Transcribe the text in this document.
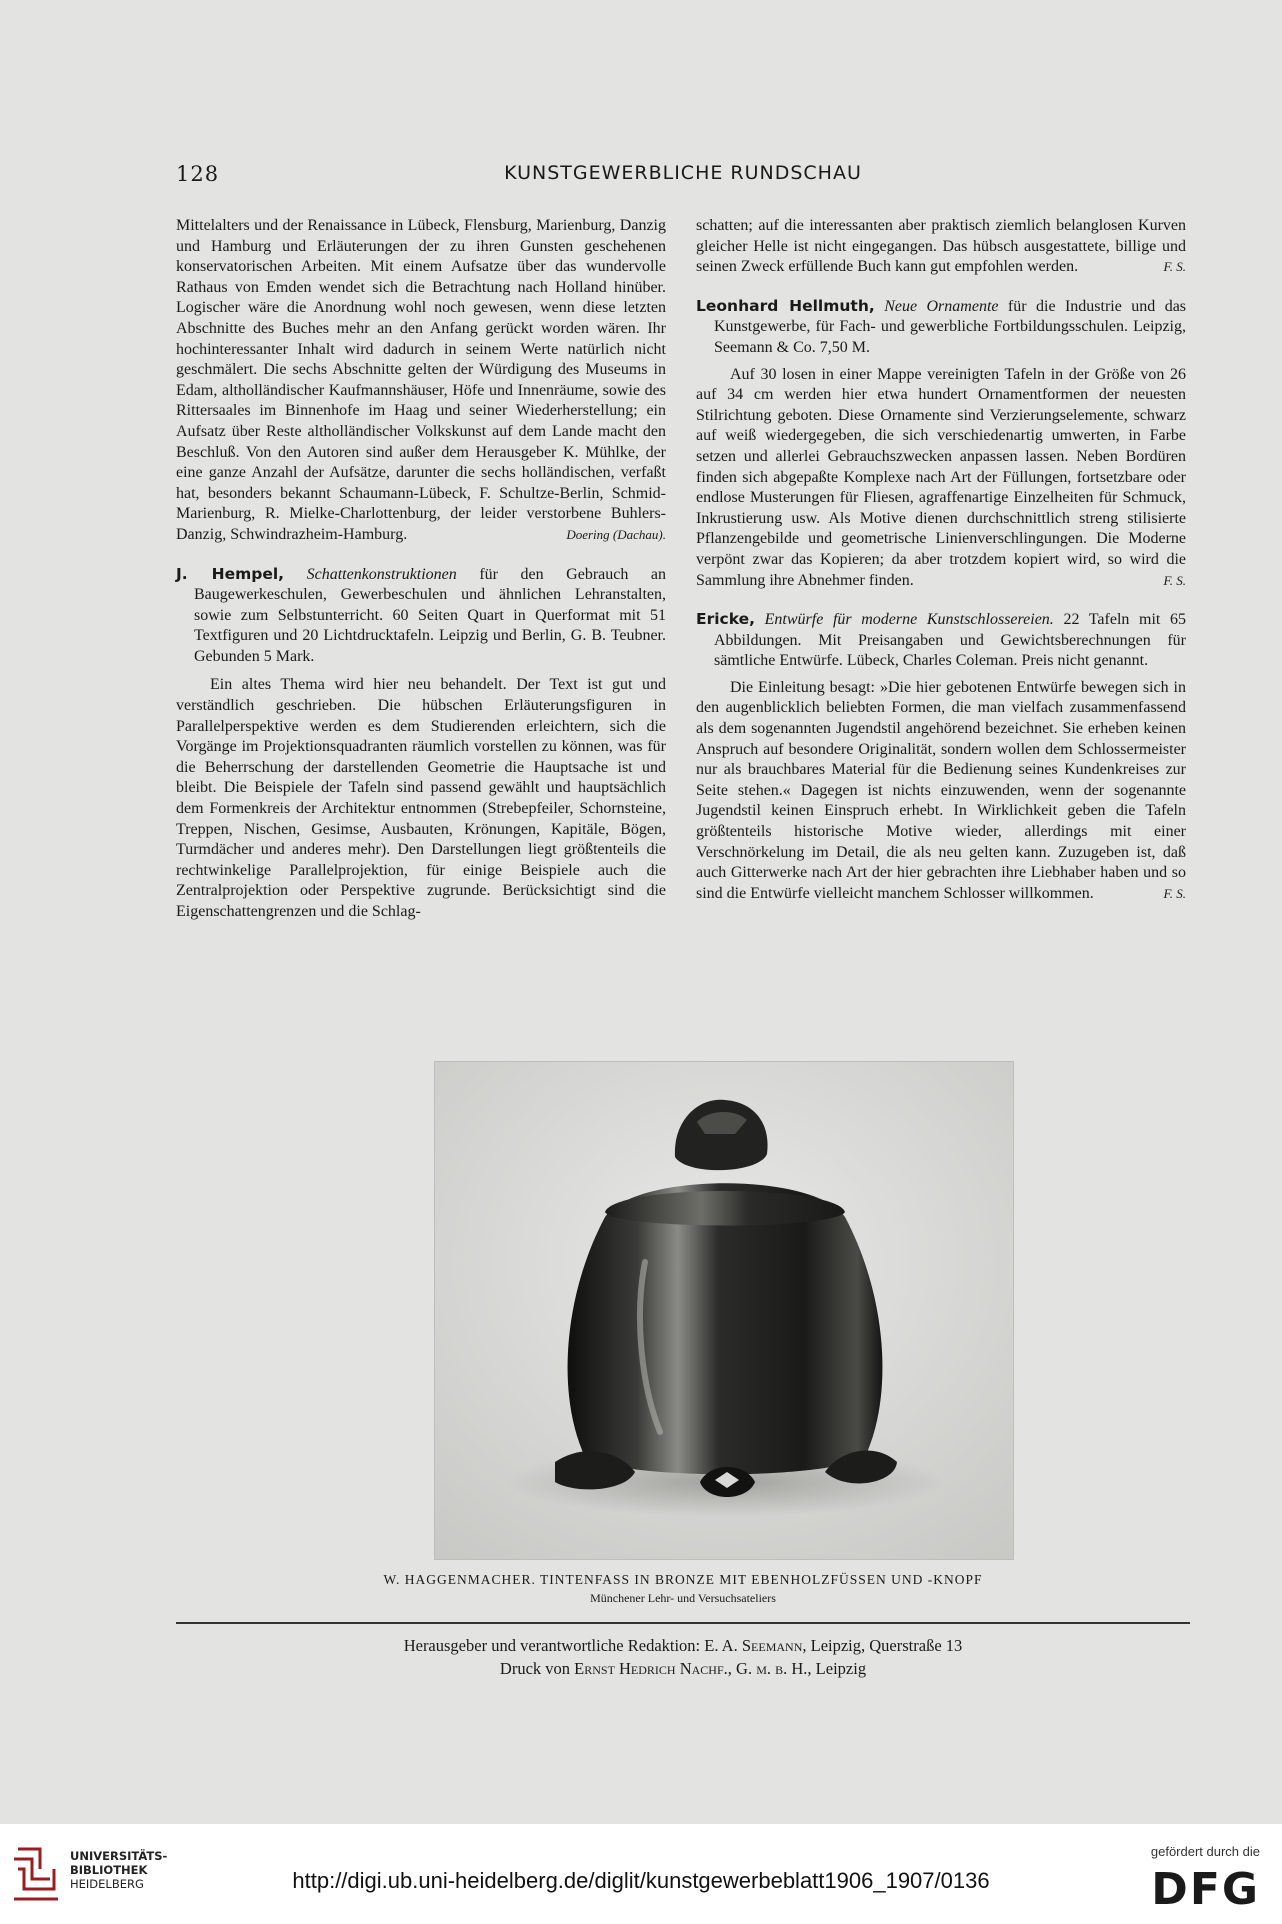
128	KUNSTGEWERBLICHE RUNDSCHAU

Mittelalters und der Renaissance in Lübeck, Flensburg, Marienburg, Danzig und Hamburg und Erläuterungen der zu ihren Gunsten geschehenen konservatorischen Arbeiten. Mit einem Aufsatze über das wundervolle Rathaus von Emden wendet sich die Betrachtung nach Holland hinüber. Logischer wäre die Anordnung wohl noch gewesen, wenn diese letzten Abschnitte des Buches mehr an den Anfang gerückt worden wären. Ihr hochinteressanter Inhalt wird dadurch in seinem Werte natürlich nicht geschmälert. Die sechs Abschnitte gelten der Würdigung des Museums in Edam, altholländischer Kaufmannshäuser, Höfe und Innenräume, sowie des Rittersaales im Binnenhofe im Haag und seiner Wiederherstellung; ein Aufsatz über Reste altholländischer Volkskunst auf dem Lande macht den Beschluß. Von den Autoren sind außer dem Herausgeber K. Mühlke, der eine ganze Anzahl der Aufsätze, darunter die sechs holländischen, verfaßt hat, besonders bekannt Schaumann-Lübeck, F. Schultze-Berlin, Schmid-Marienburg, R. Mielke-Charlottenburg, der leider verstorbene Buhlers-Danzig, Schwindrazheim-Hamburg.	Doering (Dachau).

J. Hempel, Schattenkonstruktionen für den Gebrauch an Baugewerkeschulen, Gewerbeschulen und ähnlichen Lehranstalten, sowie zum Selbstunterricht. 60 Seiten Quart in Querformat mit 51 Textfiguren und 20 Lichtdrucktafeln. Leipzig und Berlin, G. B. Teubner. Gebunden 5 Mark.

Ein altes Thema wird hier neu behandelt. Der Text ist gut und verständlich geschrieben. Die hübschen Erläuterungsfiguren in Parallelperspektive werden es dem Studierenden erleichtern, sich die Vorgänge im Projektionsquadranten räumlich vorstellen zu können, was für die Beherrschung der darstellenden Geometrie die Hauptsache ist und bleibt. Die Beispiele der Tafeln sind passend gewählt und hauptsächlich dem Formenkreis der Architektur entnommen (Strebepfeiler, Schornsteine, Treppen, Nischen, Gesimse, Ausbauten, Krönungen, Kapitäle, Bögen, Turmdächer und anderes mehr). Den Darstellungen liegt größtenteils die rechtwinkelige Parallelprojektion, für einige Beispiele auch die Zentralprojektion oder Perspektive zugrunde. Berücksichtigt sind die Eigenschattengrenzen und die Schlag-

schatten; auf die interessanten aber praktisch ziemlich belanglosen Kurven gleicher Helle ist nicht eingegangen. Das hübsch ausgestattete, billige und seinen Zweck erfüllende Buch kann gut empfohlen werden.	F. S.

Leonhard Hellmuth, Neue Ornamente für die Industrie und das Kunstgewerbe, für Fach- und gewerbliche Fortbildungsschulen. Leipzig, Seemann & Co. 7,50 M.

Auf 30 losen in einer Mappe vereinigten Tafeln in der Größe von 26 auf 34 cm werden hier etwa hundert Ornamentformen der neuesten Stilrichtung geboten. Diese Ornamente sind Verzierungselemente, schwarz auf weiß wiedergegeben, die sich verschiedenartig umwerten, in Farbe setzen und allerlei Gebrauchszwecken anpassen lassen. Neben Bordüren finden sich abgepaßte Komplexe nach Art der Füllungen, fortsetzbare oder endlose Musterungen für Fliesen, agraffenartige Einzelheiten für Schmuck, Inkrustierung usw. Als Motive dienen durchschnittlich streng stilisierte Pflanzengebilde und geometrische Linienverschlingungen. Die Moderne verpönt zwar das Kopieren; da aber trotzdem kopiert wird, so wird die Sammlung ihre Abnehmer finden.	F. S.

Ericke, Entwürfe für moderne Kunstschlossereien. 22 Tafeln mit 65 Abbildungen. Mit Preisangaben und Gewichtsberechnungen für sämtliche Entwürfe. Lübeck, Charles Coleman. Preis nicht genannt.

Die Einleitung besagt: »Die hier gebotenen Entwürfe bewegen sich in den augenblicklich beliebten Formen, die man vielfach zusammenfassend als dem sogenannten Jugendstil angehörend bezeichnet. Sie erheben keinen Anspruch auf besondere Originalität, sondern wollen dem Schlossermeister nur als brauchbares Material für die Bedienung seines Kundenkreises zur Seite stehen.« Dagegen ist nichts einzuwenden, wenn der sogenannte Jugendstil keinen Einspruch erhebt. In Wirklichkeit geben die Tafeln größtenteils historische Motive wieder, allerdings mit einer Verschnörkelung im Detail, die als neu gelten kann. Zuzugeben ist, daß auch Gitterwerke nach Art der hier gebrachten ihre Liebhaber haben und so sind die Entwürfe vielleicht manchem Schlosser willkommen.	F. S.

W. HAGGENMACHER. TINTENFASS IN BRONZE MIT EBENHOLZFÜSSEN UND -KNOPF
Münchener Lehr- und Versuchsateliers
Herausgeber und verantwortliche Redaktion: E. A. Seemann, Leipzig, Querstraße 13
Druck von Ernst Hedrich Nachf., G. m. b. H., Leipzig
UNIVERSITÄTS-
BIBLIOTHEK
HEIDELBERG	http://digi.ub.uni-heidelberg.de/diglit/kunstgewerbeblatt1906_1907/0136
gefördert durch die
DFG
